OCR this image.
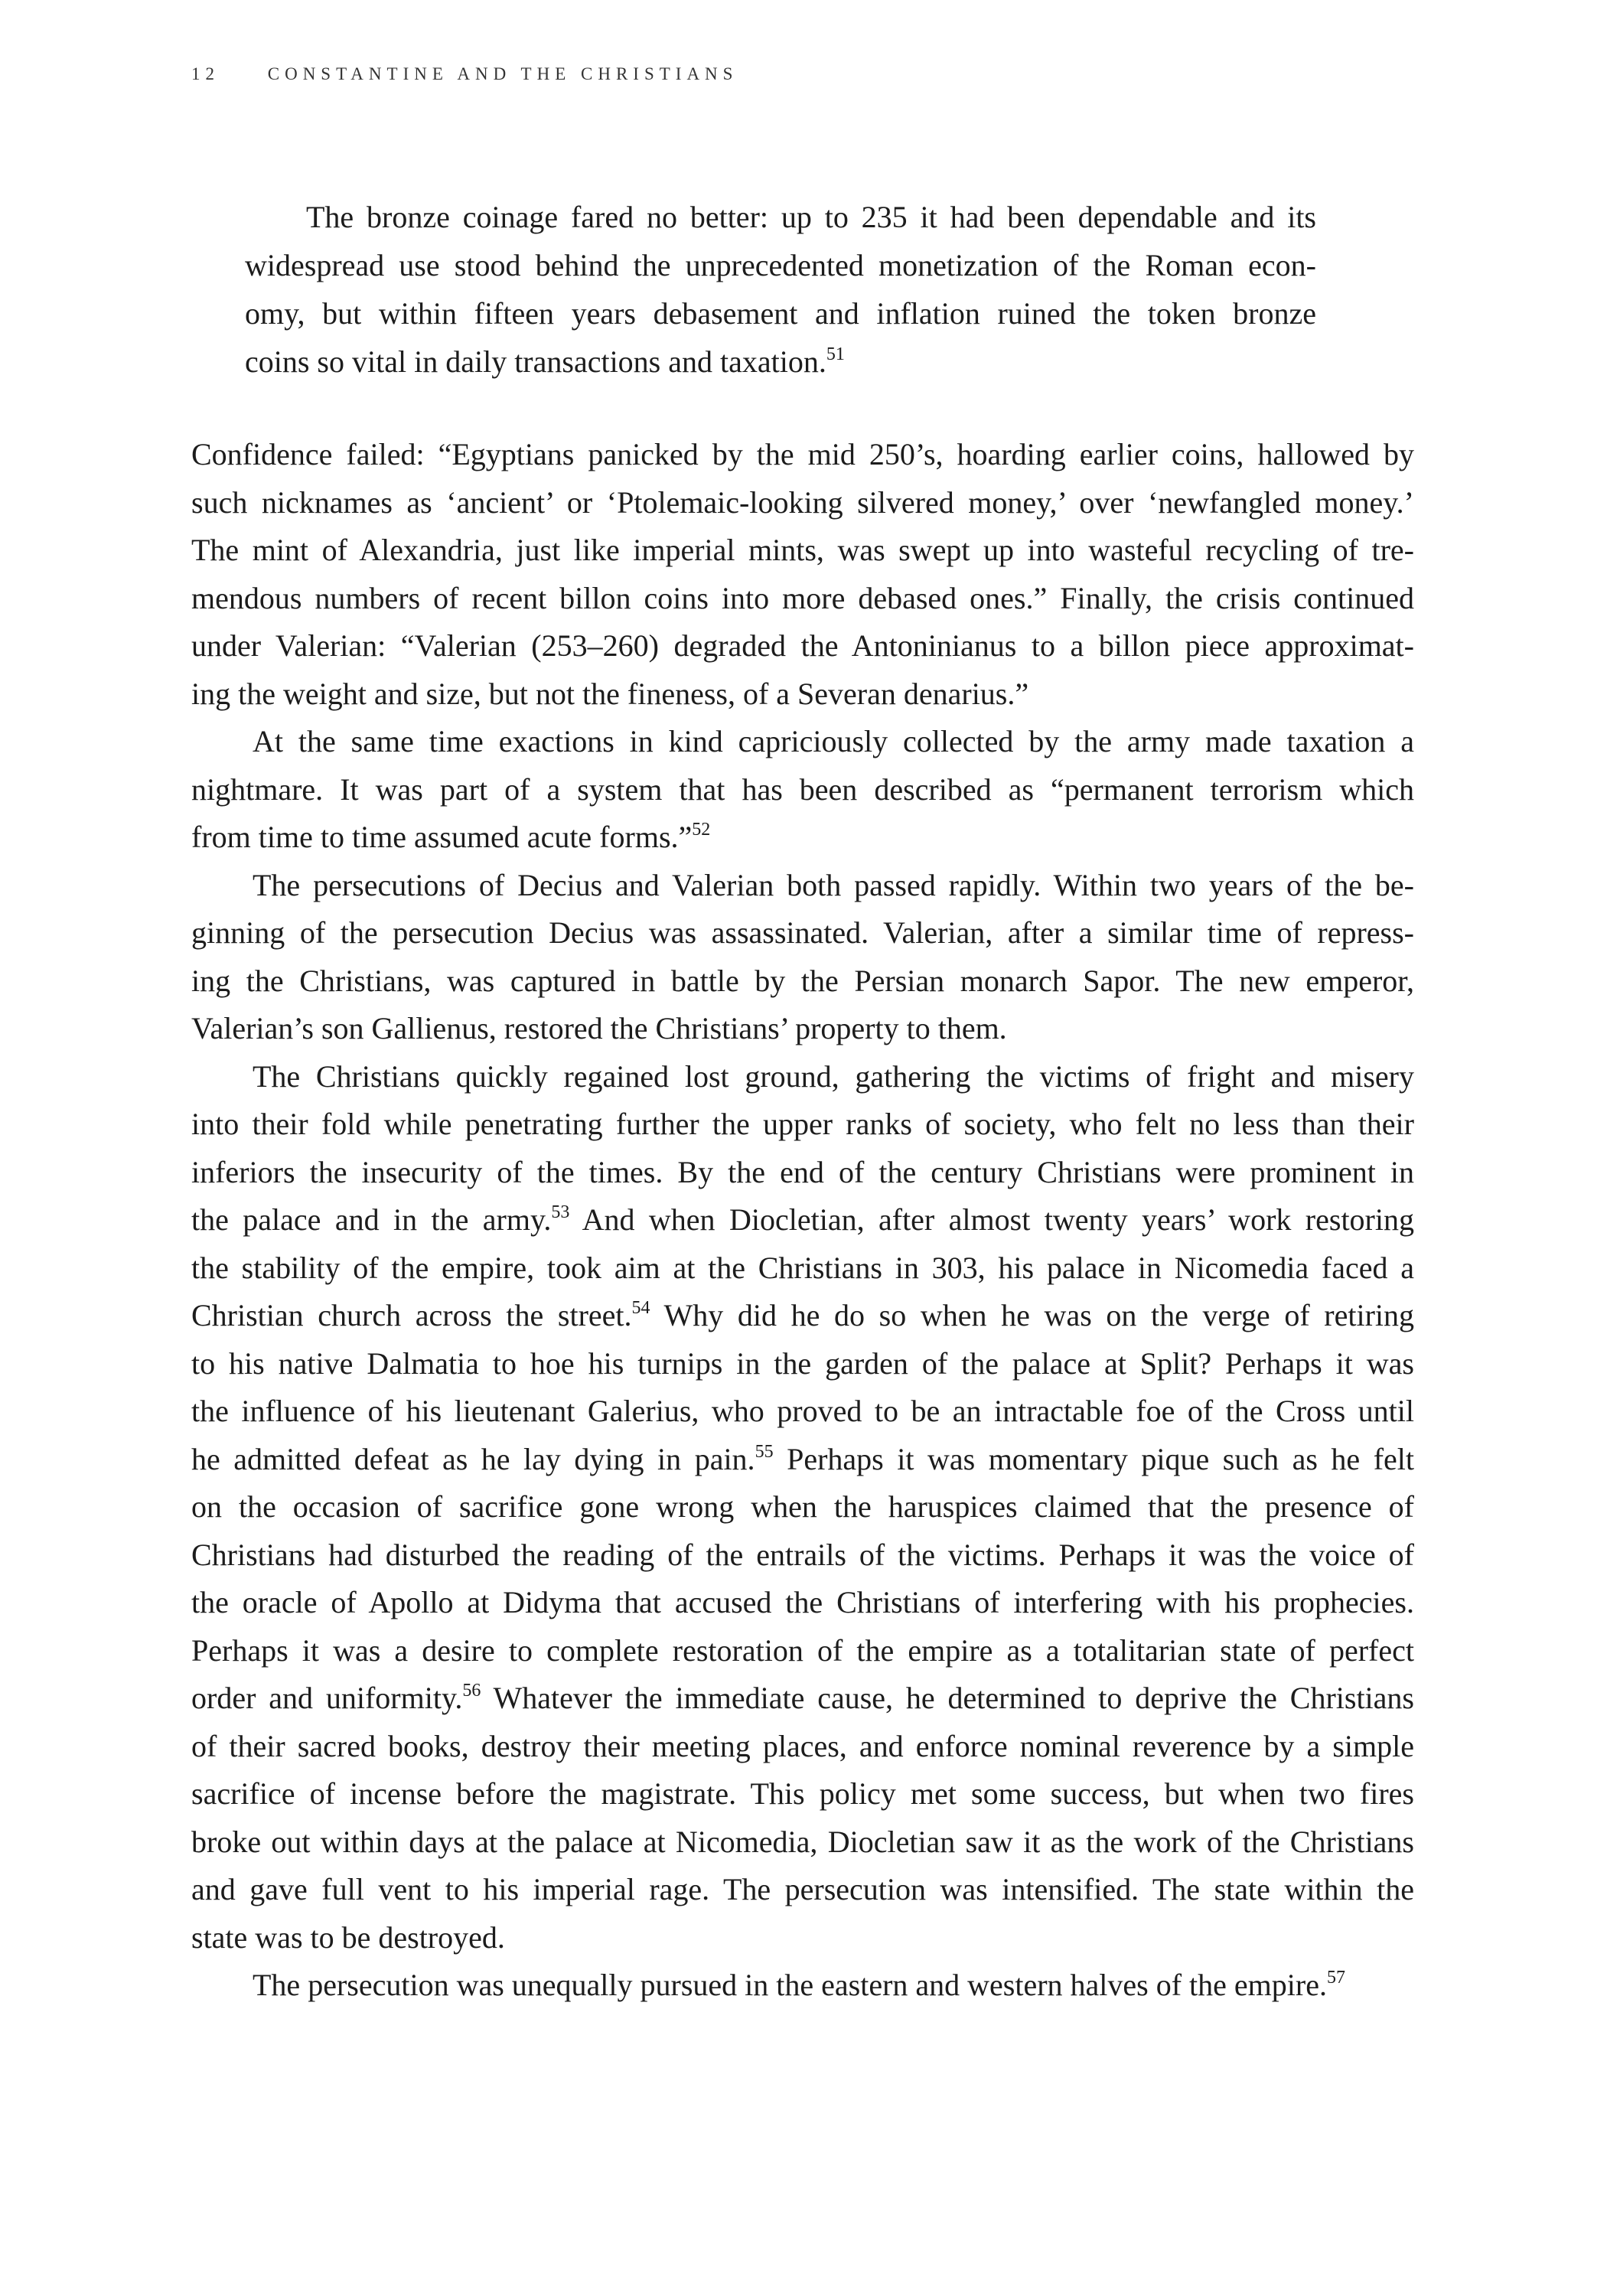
12	CONSTANTINE AND THE CHRISTIANS
The bronze coinage fared no better: up to 235 it had been dependable and its
widespread use stood behind the unprecedented monetization of the Roman econ-
omy, but within fifteen years debasement and inflation ruined the token bronze
coins so vital in daily transactions and taxation.$^{51}$
Confidence failed: “Egyptians panicked by the mid 250’s, hoarding earlier coins, hallowed by
such nicknames as ‘ancient’ or ‘Ptolemaic-looking silvered money,’ over ‘newfangled money.’
The mint of Alexandria, just like imperial mints, was swept up into wasteful recycling of tre-
mendous numbers of recent billon coins into more debased ones.” Finally, the crisis continued
under Valerian: “Valerian (253–260) degraded the Antoninianus to a billon piece approximat-
ing the weight and size, but not the fineness, of a Severan denarius.”
At the same time exactions in kind capriciously collected by the army made taxation a
nightmare. It was part of a system that has been described as “permanent terrorism which
from time to time assumed acute forms.”$^{52}$
The persecutions of Decius and Valerian both passed rapidly. Within two years of the be-
ginning of the persecution Decius was assassinated. Valerian, after a similar time of repress-
ing the Christians, was captured in battle by the Persian monarch Sapor. The new emperor,
Valerian’s son Gallienus, restored the Christians’ property to them.
The Christians quickly regained lost ground, gathering the victims of fright and misery
into their fold while penetrating further the upper ranks of society, who felt no less than their
inferiors the insecurity of the times. By the end of the century Christians were prominent in
the palace and in the army.$^{53}$ And when Diocletian, after almost twenty years’ work restoring
the stability of the empire, took aim at the Christians in 303, his palace in Nicomedia faced a
Christian church across the street.$^{54}$ Why did he do so when he was on the verge of retiring
to his native Dalmatia to hoe his turnips in the garden of the palace at Split? Perhaps it was
the influence of his lieutenant Galerius, who proved to be an intractable foe of the Cross until
he admitted defeat as he lay dying in pain.$^{55}$ Perhaps it was momentary pique such as he felt
on the occasion of sacrifice gone wrong when the haruspices claimed that the presence of
Christians had disturbed the reading of the entrails of the victims. Perhaps it was the voice of
the oracle of Apollo at Didyma that accused the Christians of interfering with his prophecies.
Perhaps it was a desire to complete restoration of the empire as a totalitarian state of perfect
order and uniformity.$^{56}$ Whatever the immediate cause, he determined to deprive the Christians
of their sacred books, destroy their meeting places, and enforce nominal reverence by a simple
sacrifice of incense before the magistrate. This policy met some success, but when two fires
broke out within days at the palace at Nicomedia, Diocletian saw it as the work of the Christians
and gave full vent to his imperial rage. The persecution was intensified. The state within the
state was to be destroyed.
The persecution was unequally pursued in the eastern and western halves of the empire.$^{57}$
